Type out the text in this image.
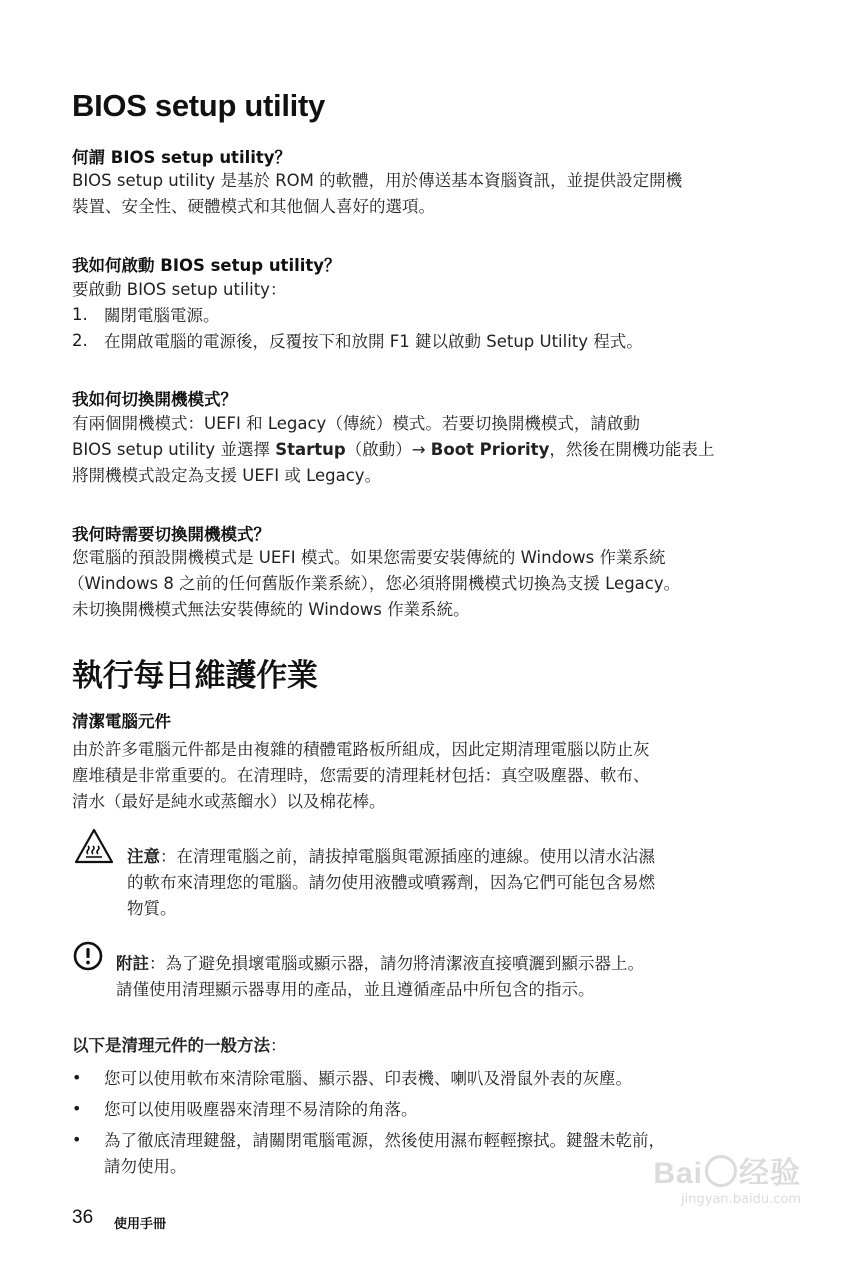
BIOS setup utility
何謂 BIOS setup utility？
BIOS setup utility 是基於 ROM 的軟體，用於傳送基本資腦資訊，並提供設定開機
裝置、安全性、硬體模式和其他個人喜好的選項。
我如何啟動 BIOS setup utility？
要啟動 BIOS setup utility：
1. 關閉電腦電源。
2. 在開啟電腦的電源後，反覆按下和放開 F1 鍵以啟動 Setup Utility 程式。
我如何切換開機模式？
有兩個開機模式：UEFI 和 Legacy（傳統）模式。若要切換開機模式，請啟動
BIOS setup utility 並選擇 Startup（啟動）→ Boot Priority，然後在開機功能表上
將開機模式設定為支援 UEFI 或 Legacy。
我何時需要切換開機模式？
您電腦的預設開機模式是 UEFI 模式。如果您需要安裝傳統的 Windows 作業系統
（Windows 8 之前的任何舊版作業系統），您必須將開機模式切換為支援 Legacy。
未切換開機模式無法安裝傳統的 Windows 作業系統。
執行每日維護作業
清潔電腦元件
由於許多電腦元件都是由複雜的積體電路板所組成，因此定期清理電腦以防止灰
塵堆積是非常重要的。在清理時，您需要的清理耗材包括：真空吸塵器、軟布、
清水（最好是純水或蒸餾水）以及棉花棒。
注意：在清理電腦之前，請拔掉電腦與電源插座的連線。使用以清水沾濕
的軟布來清理您的電腦。請勿使用液體或噴霧劑，因為它們可能包含易燃
物質。
附註：為了避免損壞電腦或顯示器，請勿將清潔液直接噴灑到顯示器上。
請僅使用清理顯示器專用的產品，並且遵循產品中所包含的指示。
以下是清理元件的一般方法：
• 您可以使用軟布來清除電腦、顯示器、印表機、喇叭及滑鼠外表的灰塵。
• 您可以使用吸塵器來清理不易清除的角落。
• 為了徹底清理鍵盤，請關閉電腦電源，然後使用濕布輕輕擦拭。鍵盤未乾前，
請勿使用。
36 使用手冊
Bai 经验
jingyan.baidu.com
